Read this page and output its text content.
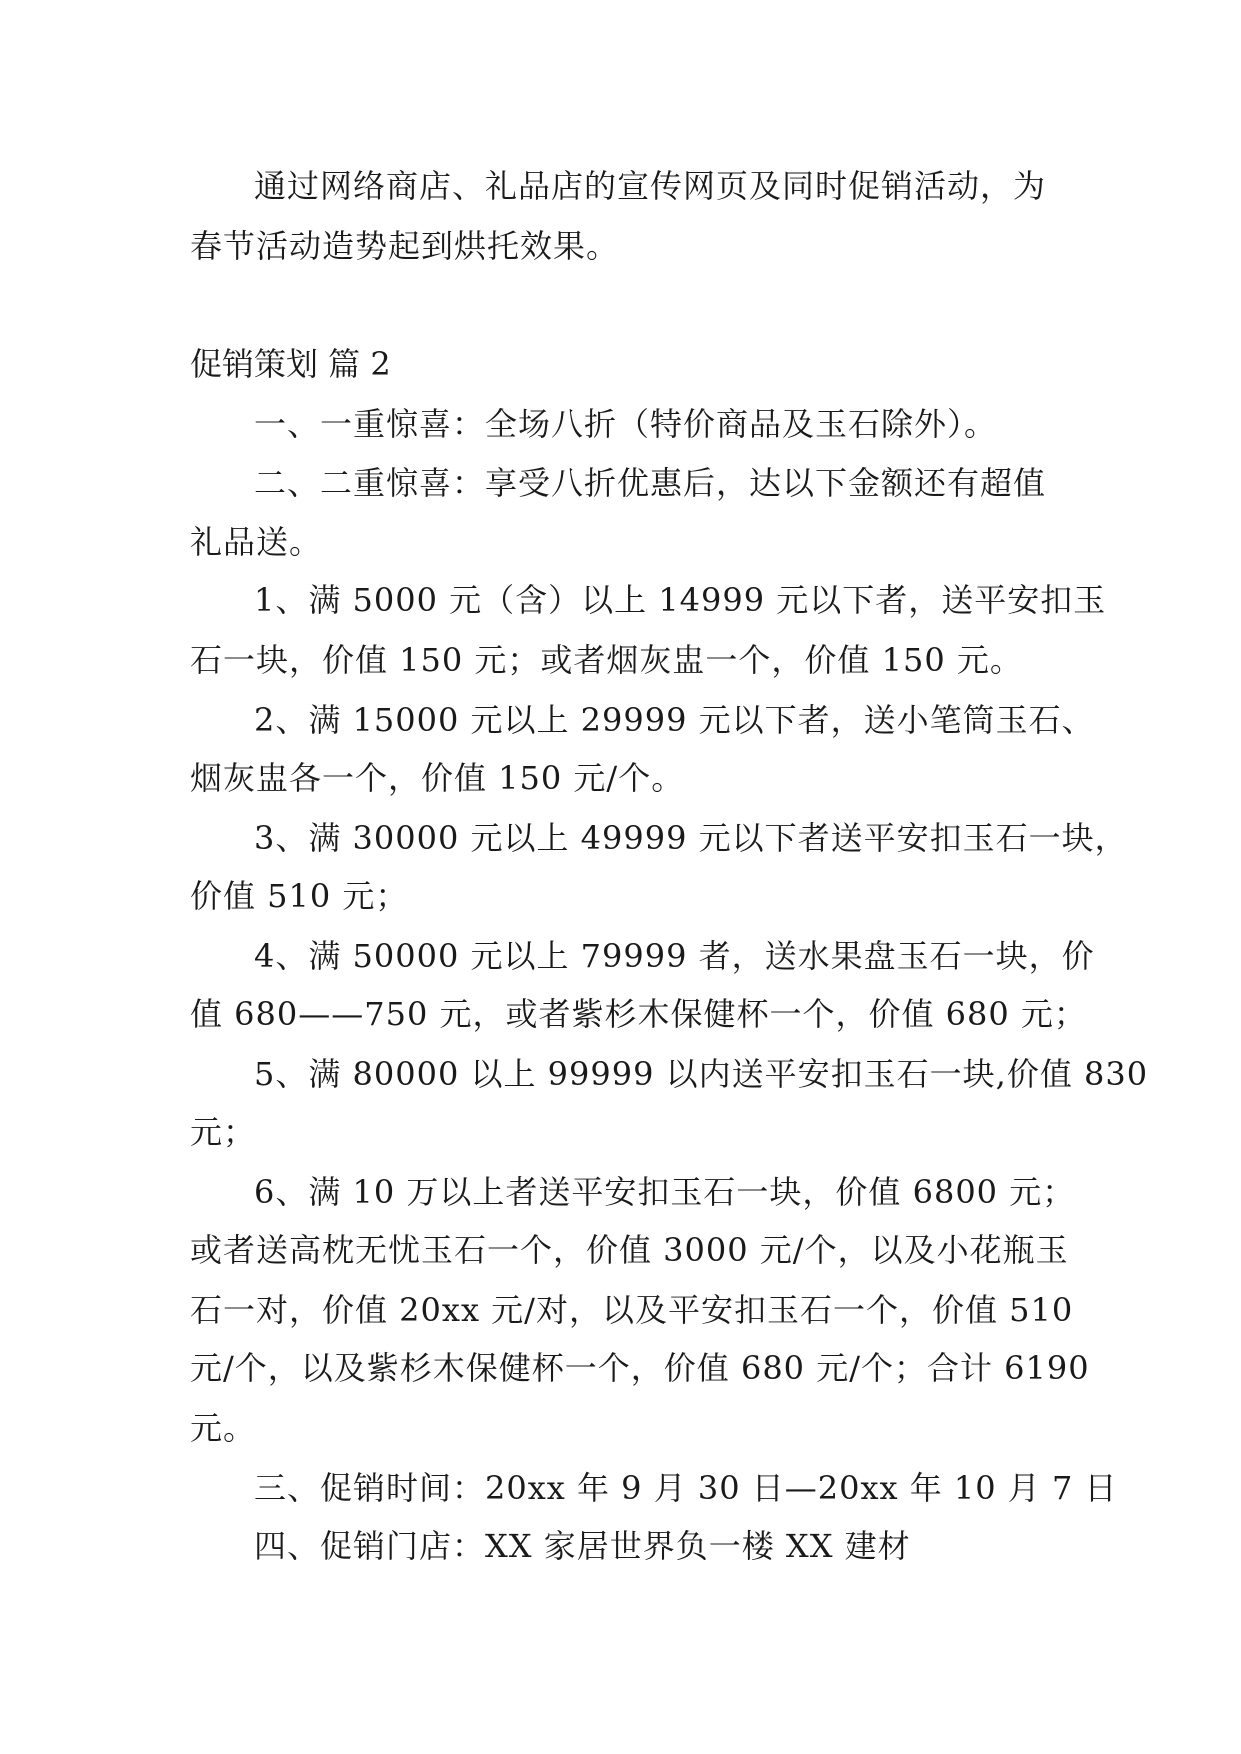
通过网络商店、礼品店的宣传网页及同时促销活动，为

春节活动造势起到烘托效果。

促销策划 篇 2

一、一重惊喜：全场八折（特价商品及玉石除外）。

二、二重惊喜：享受八折优惠后，达以下金额还有超值

礼品送。

1、满 5000 元（含）以上 14999 元以下者，送平安扣玉

石一块，价值 150 元；或者烟灰盅一个，价值 150 元。

2、满 15000 元以上 29999 元以下者，送小笔筒玉石、

烟灰盅各一个，价值 150 元/个。

3、满 30000 元以上 49999 元以下者送平安扣玉石一块，

价值 510 元；

4、满 50000 元以上 79999 者，送水果盘玉石一块，价

值 680——750 元，或者紫杉木保健杯一个，价值 680 元；

5、满 80000 以上 99999 以内送平安扣玉石一块,价值 830

元；

6、满 10 万以上者送平安扣玉石一块，价值 6800 元；

或者送高枕无忧玉石一个，价值 3000 元/个，以及小花瓶玉

石一对，价值 20xx 元/对，以及平安扣玉石一个，价值 510

元/个，以及紫杉木保健杯一个，价值 680 元/个；合计 6190

元。

三、促销时间：20xx 年 9 月 30 日—20xx 年 10 月 7 日

四、促销门店：XX 家居世界负一楼 XX 建材
